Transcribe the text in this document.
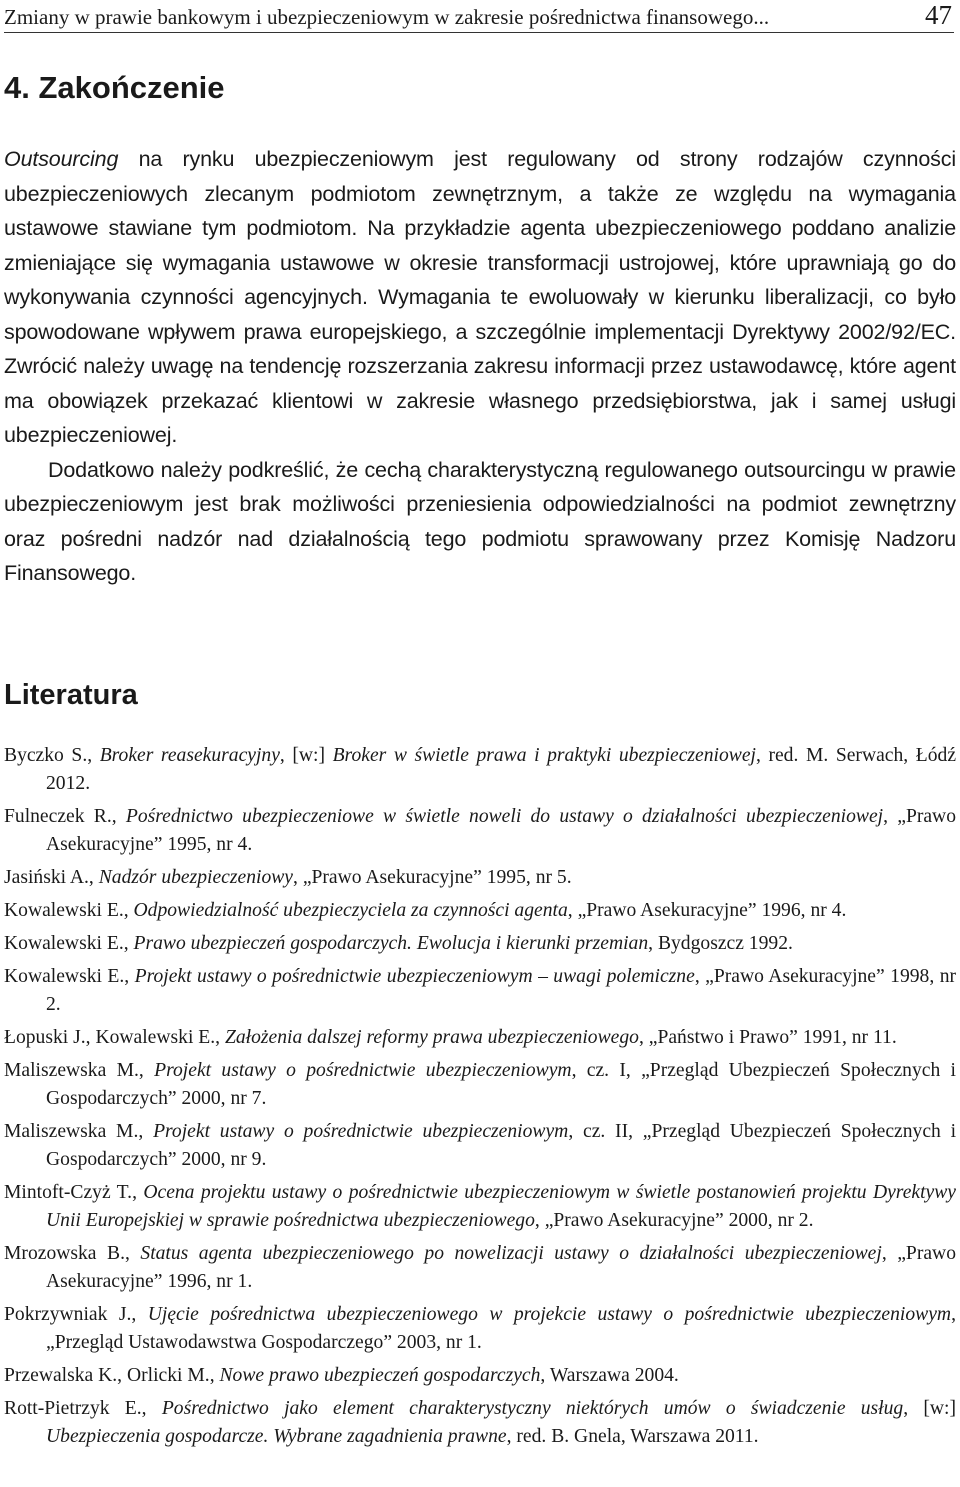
Zmiany w prawie bankowym i ubezpieczeniowym w zakresie pośrednictwa finansowego...	47
4. Zakończenie

Outsourcing na rynku ubezpieczeniowym jest regulowany od strony rodzajów czynności ubezpieczeniowych zlecanym podmiotom zewnętrznym, a także ze względu na wymagania ustawowe stawiane tym podmiotom. Na przykładzie agenta ubezpieczeniowego poddano analizie zmieniające się wymagania ustawowe w okresie transformacji ustrojowej, które uprawniają go do wykonywania czynności agencyjnych. Wymagania te ewoluowały w kierunku liberalizacji, co było spowodowane wpływem prawa europejskiego, a szczególnie implementacji Dyrektywy 2002/92/EC. Zwrócić należy uwagę na tendencję rozszerzania zakresu informacji przez ustawodawcę, które agent ma obowiązek przekazać klientowi w zakresie własnego przedsiębiorstwa, jak i samej usługi ubezpieczeniowej.

Dodatkowo należy podkreślić, że cechą charakterystyczną regulowanego outsourcingu w prawie ubezpieczeniowym jest brak możliwości przeniesienia odpowiedzialności na podmiot zewnętrzny oraz pośredni nadzór nad działalnością tego podmiotu sprawowany przez Komisję Nadzoru Finansowego.

Literatura
Byczko S., Broker reasekuracyjny, [w:] Broker w świetle prawa i praktyki ubezpieczeniowej, red. M. Serwach, Łódź 2012.
Fulneczek R., Pośrednictwo ubezpieczeniowe w świetle noweli do ustawy o działalności ubezpieczeniowej, „Prawo Asekuracyjne” 1995, nr 4.
Jasiński A., Nadzór ubezpieczeniowy, „Prawo Asekuracyjne” 1995, nr 5.
Kowalewski E., Odpowiedzialność ubezpieczyciela za czynności agenta, „Prawo Asekuracyjne” 1996, nr 4.
Kowalewski E., Prawo ubezpieczeń gospodarczych. Ewolucja i kierunki przemian, Bydgoszcz 1992.
Kowalewski E., Projekt ustawy o pośrednictwie ubezpieczeniowym – uwagi polemiczne, „Prawo Asekuracyjne” 1998, nr 2.
Łopuski J., Kowalewski E., Założenia dalszej reformy prawa ubezpieczeniowego, „Państwo i Prawo” 1991, nr 11.
Maliszewska M., Projekt ustawy o pośrednictwie ubezpieczeniowym, cz. I, „Przegląd Ubezpieczeń Społecznych i Gospodarczych” 2000, nr 7.
Maliszewska M., Projekt ustawy o pośrednictwie ubezpieczeniowym, cz. II, „Przegląd Ubezpieczeń Społecznych i Gospodarczych” 2000, nr 9.
Mintoft-Czyż T., Ocena projektu ustawy o pośrednictwie ubezpieczeniowym w świetle postanowień projektu Dyrektywy Unii Europejskiej w sprawie pośrednictwa ubezpieczeniowego, „Prawo Asekuracyjne” 2000, nr 2.
Mrozowska B., Status agenta ubezpieczeniowego po nowelizacji ustawy o działalności ubezpieczeniowej, „Prawo Asekuracyjne” 1996, nr 1.
Pokrzywniak J., Ujęcie pośrednictwa ubezpieczeniowego w projekcie ustawy o pośrednictwie ubezpieczeniowym, „Przegląd Ustawodawstwa Gospodarczego” 2003, nr 1.
Przewalska K., Orlicki M., Nowe prawo ubezpieczeń gospodarczych, Warszawa 2004.
Rott-Pietrzyk E., Pośrednictwo jako element charakterystyczny niektórych umów o świadczenie usług, [w:] Ubezpieczenia gospodarcze. Wybrane zagadnienia prawne, red. B. Gnela, Warszawa 2011.
